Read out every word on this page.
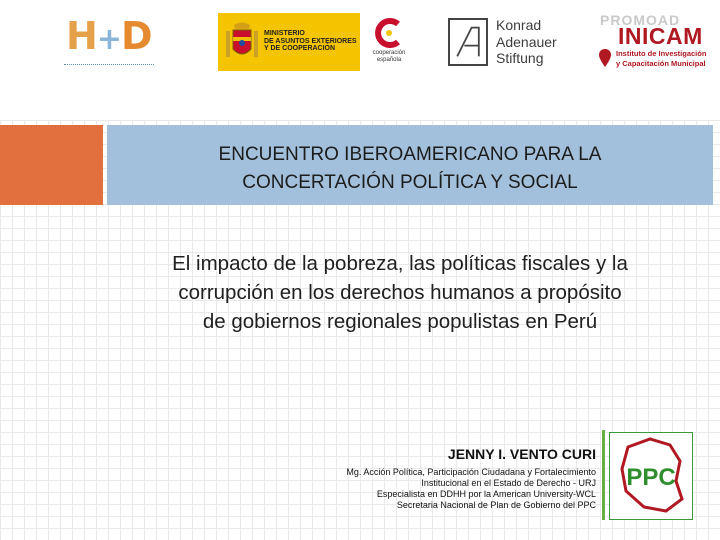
H+D	MINISTERIO
DE ASUNTOS EXTERIORES
Y DE COOPERACIÓN
cooperación
española
Konrad
Adenauer
Stiftung
PROMOAD
INICAM
Instituto de Investigación
y Capacitación Municipal
ENCUENTRO IBEROAMERICANO PARA LA
CONCERTACIÓN POLÍTICA Y SOCIAL
El impacto de la pobreza, las políticas fiscales y la
corrupción en los derechos humanos a propósito
de gobiernos regionales populistas en Perú
JENNY I. VENTO CURI
Mg. Acción Política, Participación Ciudadana y Fortalecimiento
Institucional en el Estado de Derecho - URJ
Especialista en DDHH por la American University-WCL
Secretaria Nacional de Plan de Gobierno del PPC
PPC
